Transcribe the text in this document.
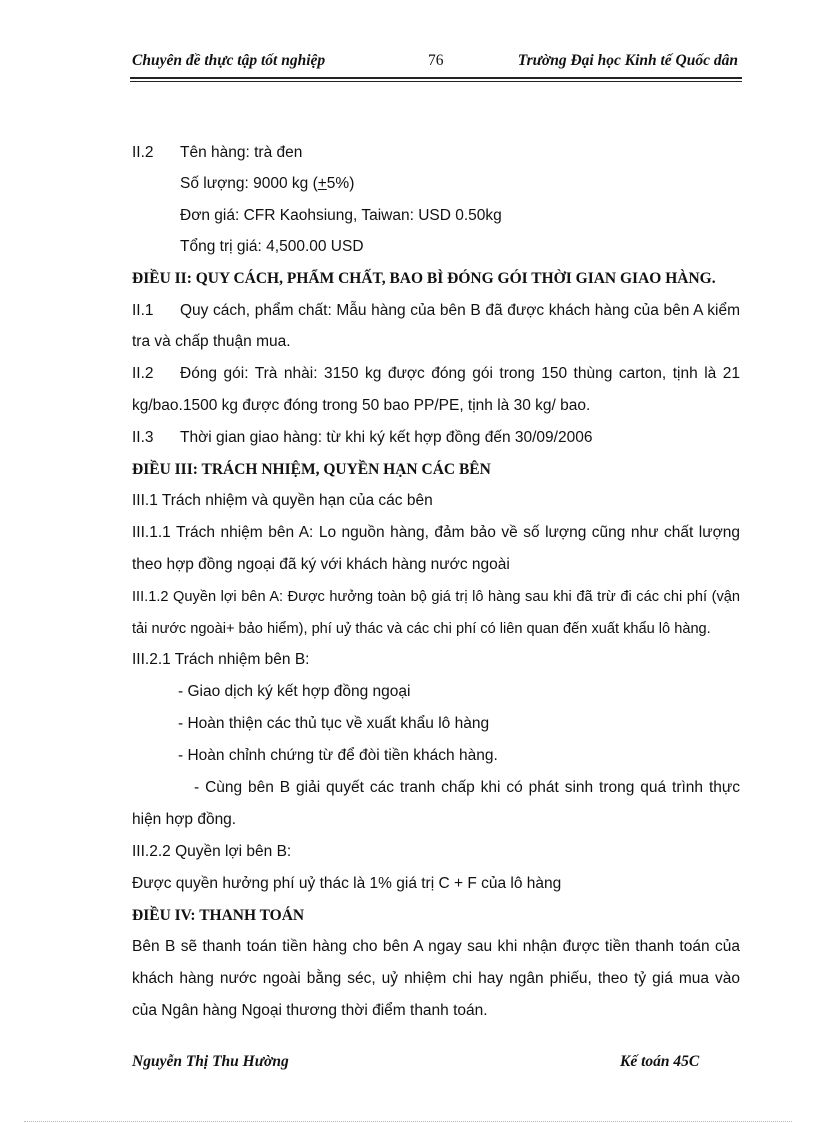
Chuyên đề thực tập tốt nghiệp	76	Trường Đại học Kinh tế Quốc dân
II.2 Tên hàng: trà đen
Số lượng: 9000 kg (+5%)
Đơn giá: CFR Kaohsiung, Taiwan: USD 0.50kg
Tổng trị giá: 4,500.00 USD
ĐIỀU II: QUY CÁCH, PHẨM CHẤT, BAO BÌ ĐÓNG GÓI THỜI GIAN GIAO HÀNG.
II.1 Quy cách, phẩm chất: Mẫu hàng của bên B đã được khách hàng của bên A kiểm
tra và chấp thuận mua.
II.2 Đóng gói: Trà nhài: 3150 kg được đóng gói trong 150 thùng carton, tịnh là 21
kg/bao.1500 kg được đóng trong 50 bao PP/PE, tịnh là 30 kg/ bao.
II.3 Thời gian giao hàng: từ khi ký kết hợp đồng đến 30/09/2006
ĐIỀU III: TRÁCH NHIỆM, QUYỀN HẠN CÁC BÊN
III.1 Trách nhiệm và quyền hạn của các bên
III.1.1 Trách nhiệm bên A: Lo nguồn hàng, đảm bảo về số lượng cũng như chất lượng
theo hợp đồng ngoại đã ký với khách hàng nước ngoài
III.1.2 Quyền lợi bên A: Được hưởng toàn bộ giá trị lô hàng sau khi đã trừ đi các chi phí (vận
tải nước ngoài+ bảo hiểm), phí uỷ thác và các chi phí có liên quan đến xuất khẩu lô hàng.
III.2.1 Trách nhiệm bên B:
- Giao dịch ký kết hợp đồng ngoại
- Hoàn thiện các thủ tục về xuất khẩu lô hàng
- Hoàn chỉnh chứng từ để đòi tiền khách hàng.
- Cùng bên B giải quyết các tranh chấp khi có phát sinh trong quá trình thực
hiện hợp đồng.
III.2.2 Quyền lợi bên B:
Được quyền hưởng phí uỷ thác là 1% giá trị C + F của lô hàng
ĐIỀU IV: THANH TOÁN
Bên B sẽ thanh toán tiền hàng cho bên A ngay sau khi nhận được tiền thanh toán của
khách hàng nước ngoài bằng séc, uỷ nhiệm chi hay ngân phiếu, theo tỷ giá mua vào
của Ngân hàng Ngoại thương thời điểm thanh toán.
Nguyễn Thị Thu Hường	Kế toán 45C
